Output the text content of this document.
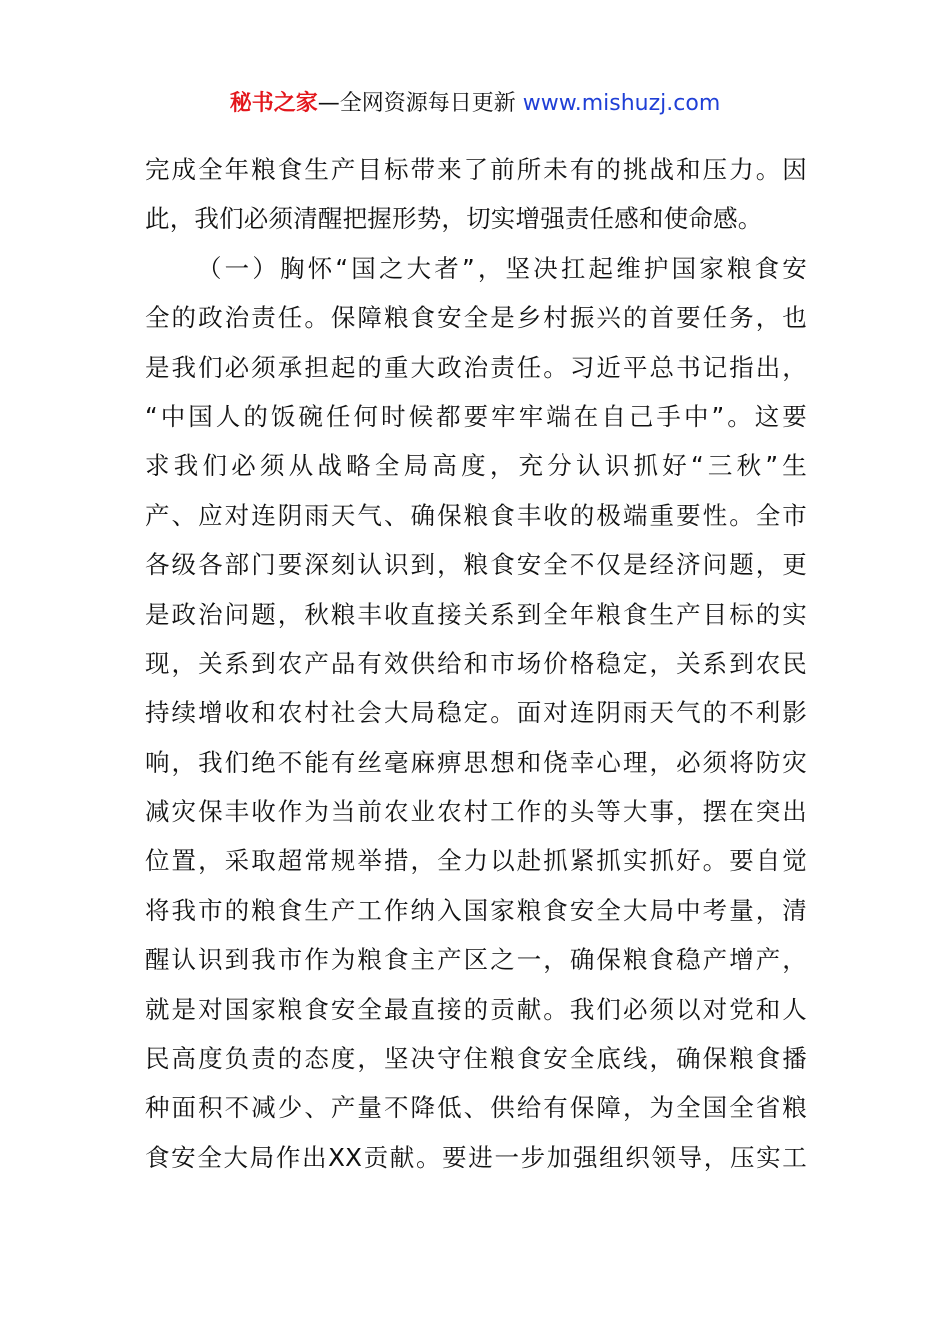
秘书之家—全网资源每日更新 www.mishuzj.com
完成全年粮食生产目标带来了前所未有的挑战和压力。因
此，我们必须清醒把握形势，切实增强责任感和使命感。
（一）胸怀“国之大者”，坚决扛起维护国家粮食安
全的政治责任。保障粮食安全是乡村振兴的首要任务，也
是我们必须承担起的重大政治责任。习近平总书记指出，
“中国人的饭碗任何时候都要牢牢端在自己手中”。这要
求我们必须从战略全局高度，充分认识抓好“三秋”生
产、应对连阴雨天气、确保粮食丰收的极端重要性。全市
各级各部门要深刻认识到，粮食安全不仅是经济问题，更
是政治问题，秋粮丰收直接关系到全年粮食生产目标的实
现，关系到农产品有效供给和市场价格稳定，关系到农民
持续增收和农村社会大局稳定。面对连阴雨天气的不利影
响，我们绝不能有丝毫麻痹思想和侥幸心理，必须将防灾
减灾保丰收作为当前农业农村工作的头等大事，摆在突出
位置，采取超常规举措，全力以赴抓紧抓实抓好。要自觉
将我市的粮食生产工作纳入国家粮食安全大局中考量，清
醒认识到我市作为粮食主产区之一，确保粮食稳产增产，
就是对国家粮食安全最直接的贡献。我们必须以对党和人
民高度负责的态度，坚决守住粮食安全底线，确保粮食播
种面积不减少、产量不降低、供给有保障，为全国全省粮
食安全大局作出XX贡献。要进一步加强组织领导，压实工
